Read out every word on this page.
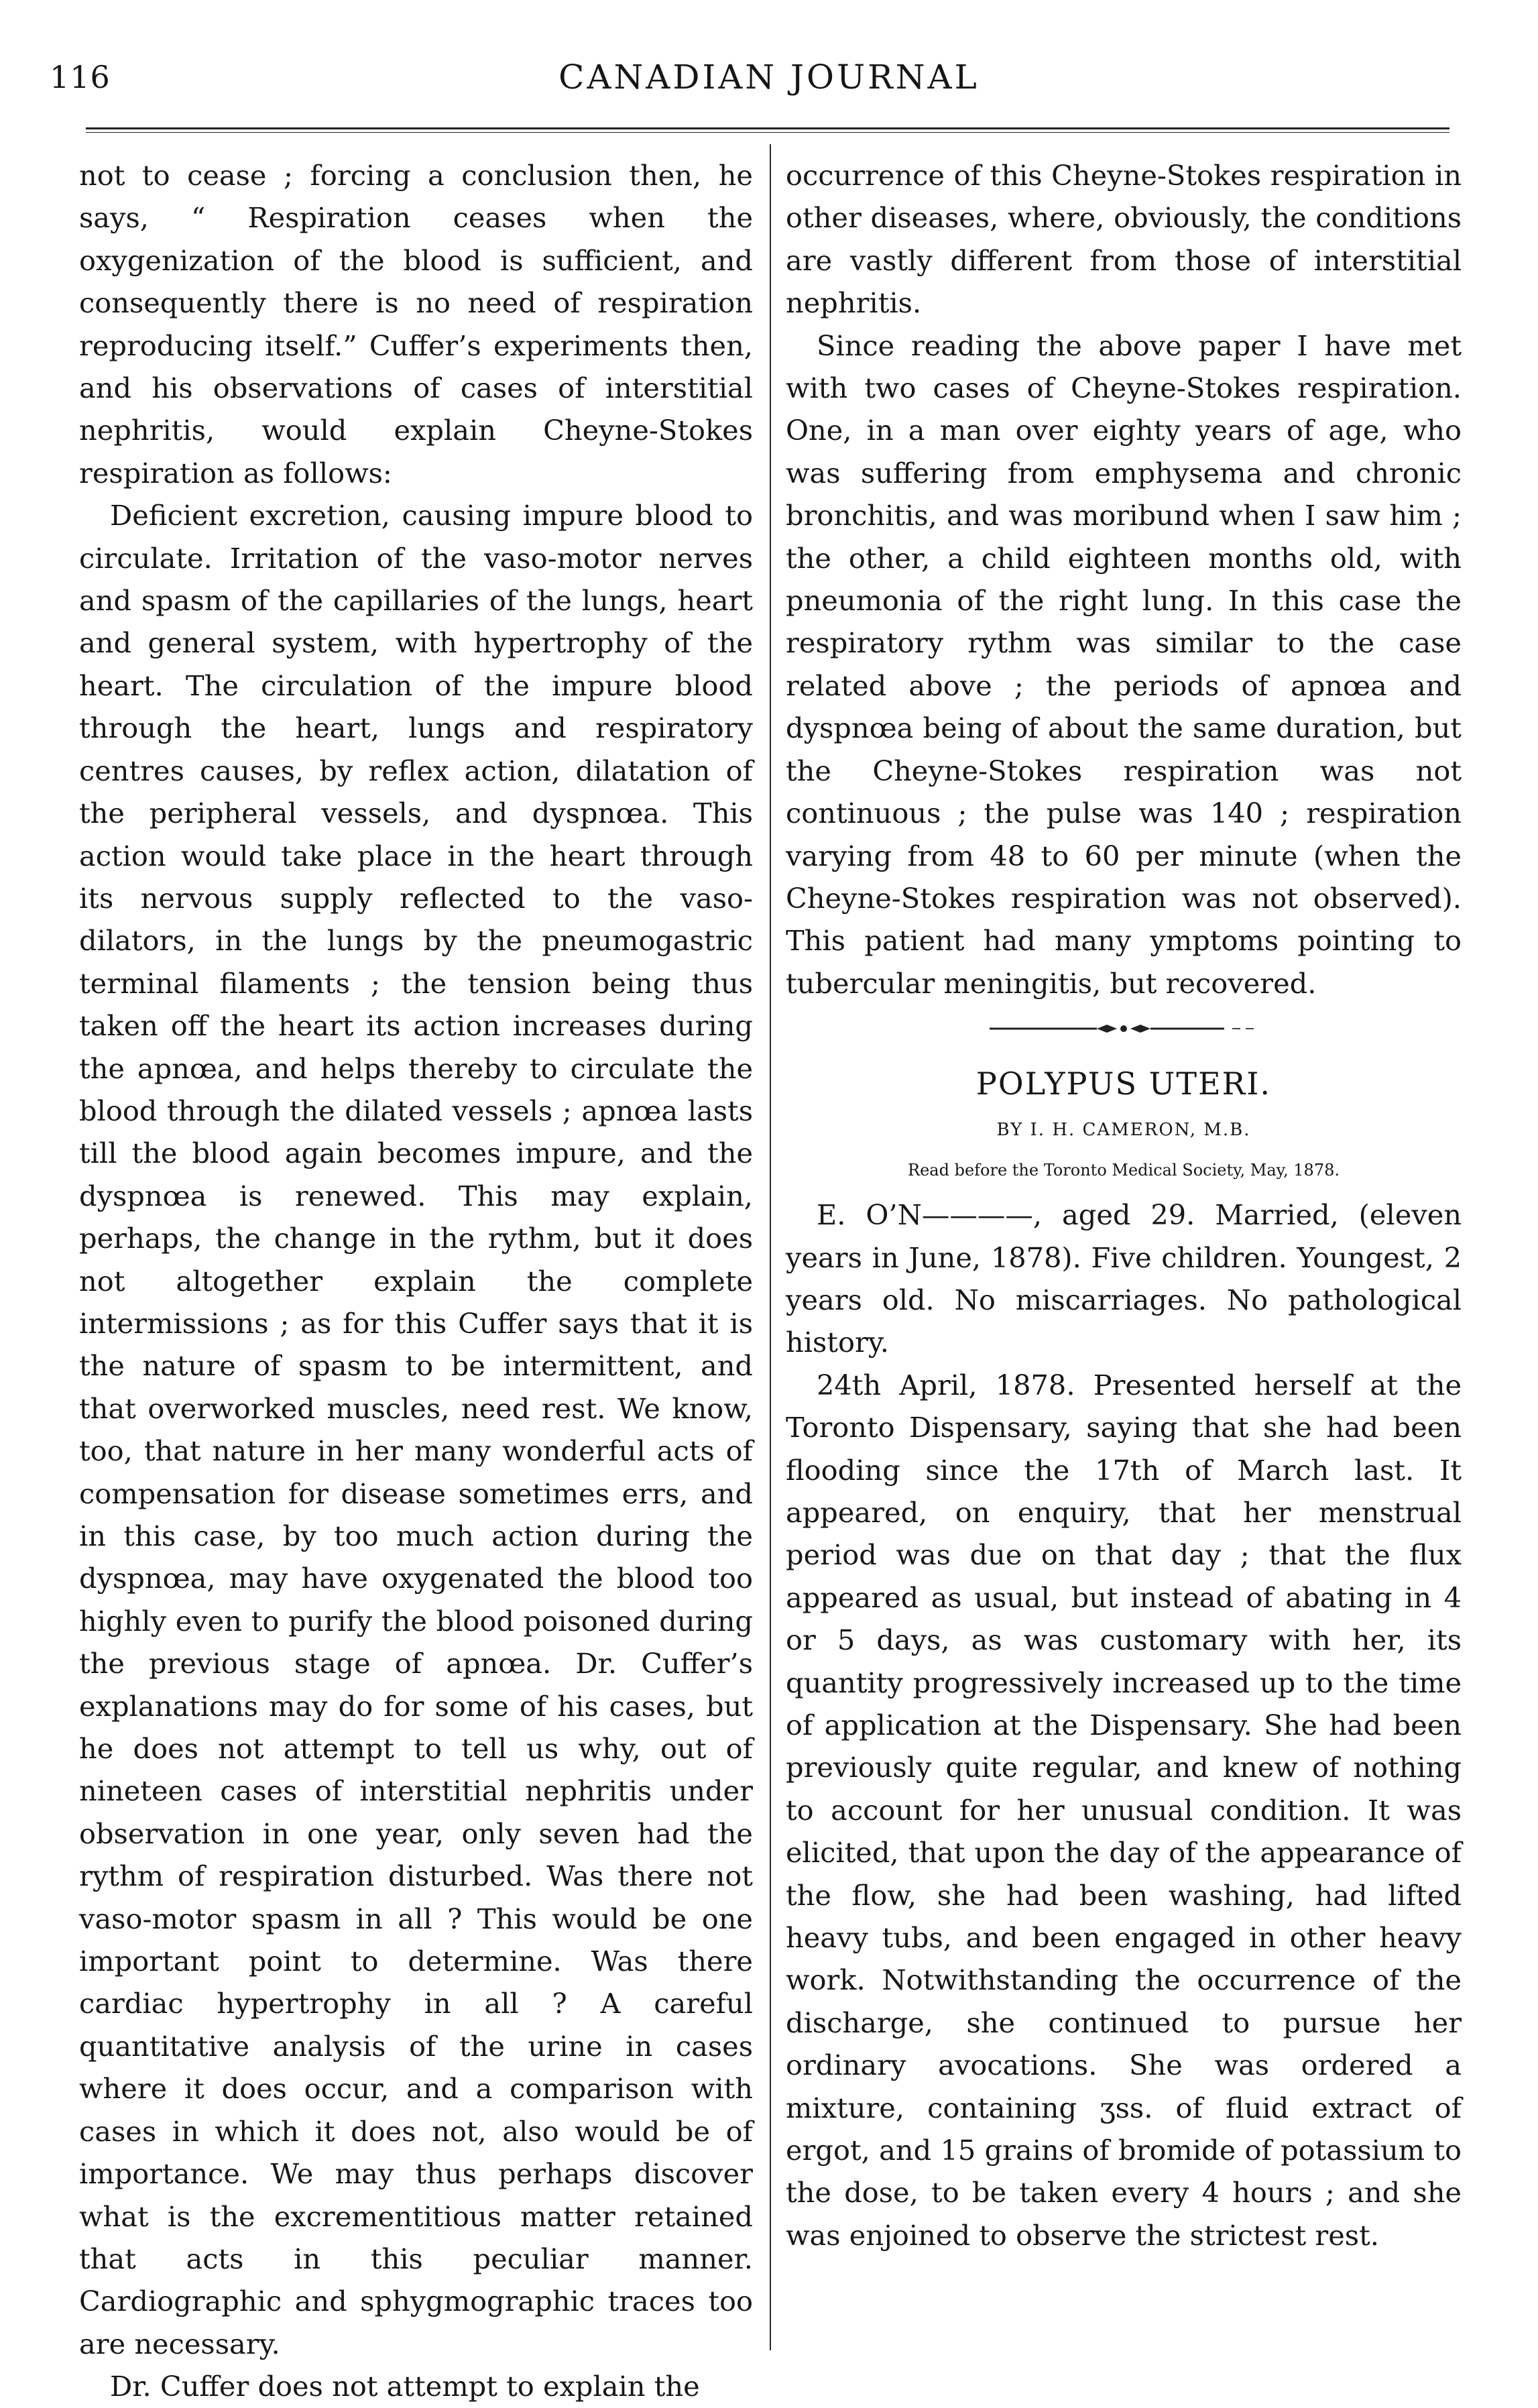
116	CANADIAN JOURNAL

not to cease ; forcing a conclusion then, he says, “ Respiration ceases when the oxygenization of the blood is sufficient, and consequently there is no need of respiration reproducing itself.” Cuffer’s experiments then, and his observations of cases of interstitial nephritis, would explain Cheyne-Stokes respiration as follows:

Deficient excretion, causing impure blood to circulate. Irritation of the vaso-motor nerves and spasm of the capillaries of the lungs, heart and general system, with hypertrophy of the heart. The circulation of the impure blood through the heart, lungs and respiratory centres causes, by reflex action, dilatation of the peripheral vessels, and dyspnœa. This action would take place in the heart through its nervous supply reflected to the vaso-dilators, in the lungs by the pneumogastric terminal filaments ; the tension being thus taken off the heart its action increases during the apnœa, and helps thereby to circulate the blood through the dilated vessels ; apnœa lasts till the blood again becomes impure, and the dyspnœa is renewed. This may explain, perhaps, the change in the rythm, but it does not altogether explain the complete intermissions ; as for this Cuffer says that it is the nature of spasm to be intermittent, and that overworked muscles, need rest. We know, too, that nature in her many wonderful acts of compensation for disease sometimes errs, and in this case, by too much action during the dyspnœa, may have oxygenated the blood too highly even to purify the blood poisoned during the previous stage of apnœa. Dr. Cuffer’s explanations may do for some of his cases, but he does not attempt to tell us why, out of nineteen cases of interstitial nephritis under observation in one year, only seven had the rythm of respiration disturbed. Was there not vaso-motor spasm in all ? This would be one important point to determine. Was there cardiac hypertrophy in all ? A careful quantitative analysis of the urine in cases where it does occur, and a comparison with cases in which it does not, also would be of importance. We may thus perhaps discover what is the excrementitious matter retained that acts in this peculiar manner. Cardiographic and sphygmographic traces too are necessary.

Dr. Cuffer does not attempt to explain the

occurrence of this Cheyne-Stokes respiration in other diseases, where, obviously, the conditions are vastly different from those of interstitial nephritis.

Since reading the above paper I have met with two cases of Cheyne-Stokes respiration. One, in a man over eighty years of age, who was suffering from emphysema and chronic bronchitis, and was moribund when I saw him ; the other, a child eighteen months old, with pneumonia of the right lung. In this case the respiratory rythm was similar to the case related above ; the periods of apnœa and dyspnœa being of about the same duration, but the Cheyne-Stokes respiration was not continuous ; the pulse was 140 ; respiration varying from 48 to 60 per minute (when the Cheyne-Stokes respiration was not observed). This patient had many ymptoms pointing to tubercular meningitis, but recovered.

POLYPUS UTERI.
BY I. H. CAMERON, M.B.
Read before the Toronto Medical Society, May, 1878.

E. O’N————, aged 29. Married, (eleven years in June, 1878). Five children. Youngest, 2 years old. No miscarriages. No pathological history.

24th April, 1878. Presented herself at the Toronto Dispensary, saying that she had been flooding since the 17th of March last. It appeared, on enquiry, that her menstrual period was due on that day ; that the flux appeared as usual, but instead of abating in 4 or 5 days, as was customary with her, its quantity progressively increased up to the time of application at the Dispensary. She had been previously quite regular, and knew of nothing to account for her unusual condition. It was elicited, that upon the day of the appearance of the flow, she had been washing, had lifted heavy tubs, and been engaged in other heavy work. Notwithstanding the occurrence of the discharge, she continued to pursue her ordinary avocations. She was ordered a mixture, containing ʒss. of fluid extract of ergot, and 15 grains of bromide of potassium to the dose, to be taken every 4 hours ; and she was enjoined to observe the strictest rest.
